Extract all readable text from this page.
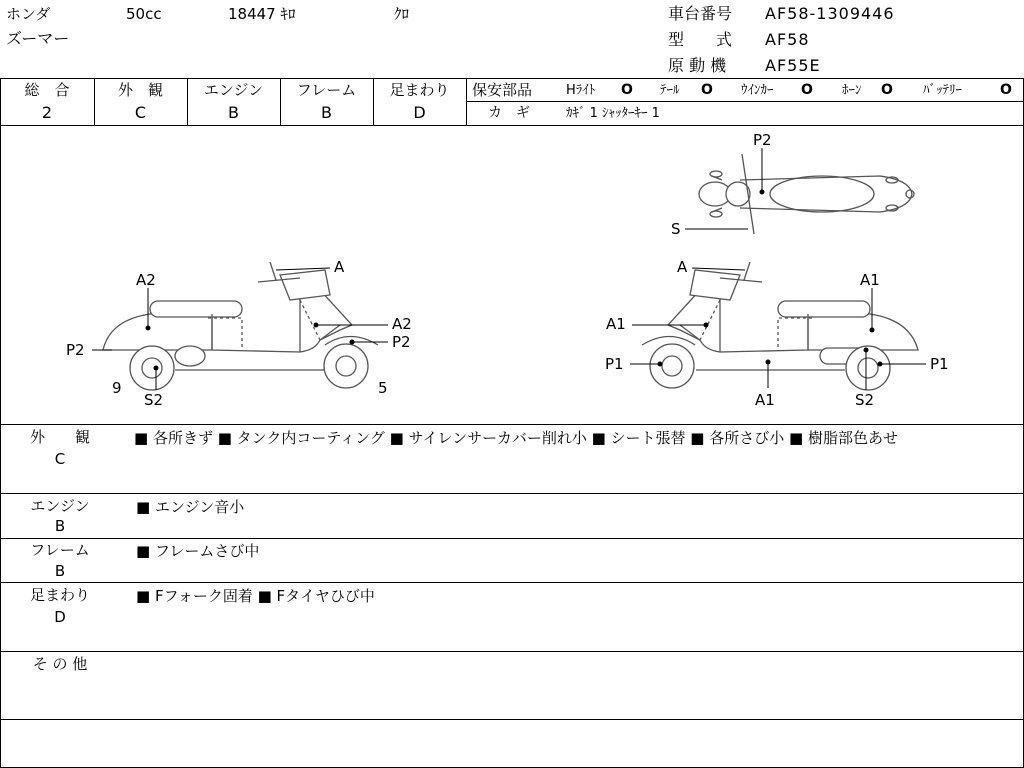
ホンダ	50cc	18447 ｷﾛ	ｸﾛ
ズーマー
車台番号 AF58-1309446
型　　式 AF58
原 動 機 AF55E
総　合
2
外　観
C
エンジン
B
フレーム
B
足まわり
D
保安部品	Hﾗｲﾄ O ﾃｰﾙ O ｳｲﾝｶｰ O ﾎｰﾝ O ﾊﾞｯﾃﾘｰ	O
カ　ギ	ｶｷﾞ 1 ｼｬｯﾀｰｷｰ 1
A
A2
A2
P2
P2
9
S2
5
A
A1
A1
P1	P1
A1	S2
P2
S
外　　観
C
■ 各所きず ■ タンク内コーティング ■ サイレンサーカバー削れ小 ■ シート張替 ■ 各所さび小 ■ 樹脂部色あせ
エンジン
B
■ エンジン音小
フレーム
B
■ フレームさび中
足まわり
D
■ Fフォーク固着 ■ Fタイヤひび中
そ の 他
